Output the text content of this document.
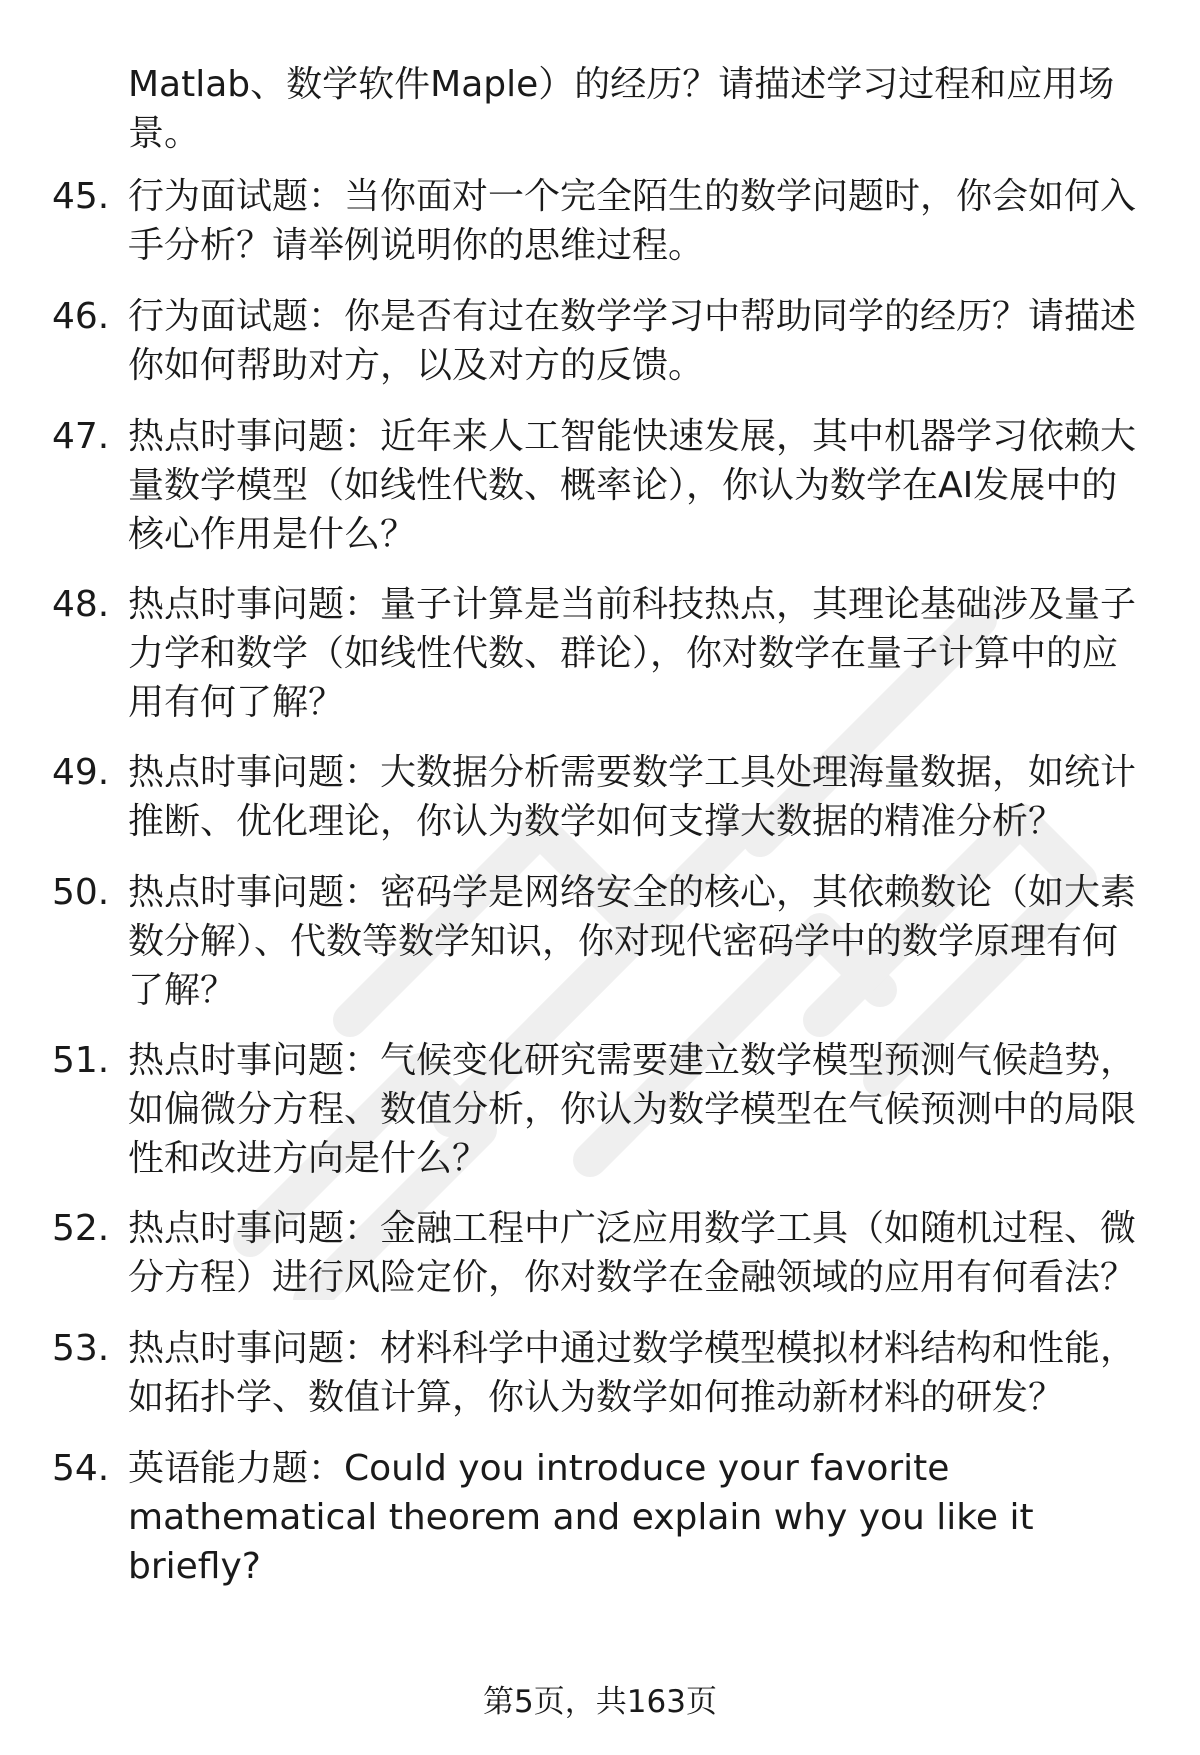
Matlab、数学软件Maple）的经历？请描述学习过程和应用场景。
45. 行为面试题：当你面对一个完全陌生的数学问题时，你会如何入手分析？请举例说明你的思维过程。
46. 行为面试题：你是否有过在数学学习中帮助同学的经历？请描述你如何帮助对方，以及对方的反馈。
47. 热点时事问题：近年来人工智能快速发展，其中机器学习依赖大量数学模型（如线性代数、概率论），你认为数学在AI发展中的核心作用是什么？
48. 热点时事问题：量子计算是当前科技热点，其理论基础涉及量子力学和数学（如线性代数、群论），你对数学在量子计算中的应用有何了解？
49. 热点时事问题：大数据分析需要数学工具处理海量数据，如统计推断、优化理论，你认为数学如何支撑大数据的精准分析？
50. 热点时事问题：密码学是网络安全的核心，其依赖数论（如大素数分解）、代数等数学知识，你对现代密码学中的数学原理有何了解？
51. 热点时事问题：气候变化研究需要建立数学模型预测气候趋势，如偏微分方程、数值分析，你认为数学模型在气候预测中的局限性和改进方向是什么？
52. 热点时事问题：金融工程中广泛应用数学工具（如随机过程、微分方程）进行风险定价，你对数学在金融领域的应用有何看法？
53. 热点时事问题：材料科学中通过数学模型模拟材料结构和性能，如拓扑学、数值计算，你认为数学如何推动新材料的研发？
54. 英语能力题：Could you introduce your favorite mathematical theorem and explain why you like it briefly?
第5页，共163页
